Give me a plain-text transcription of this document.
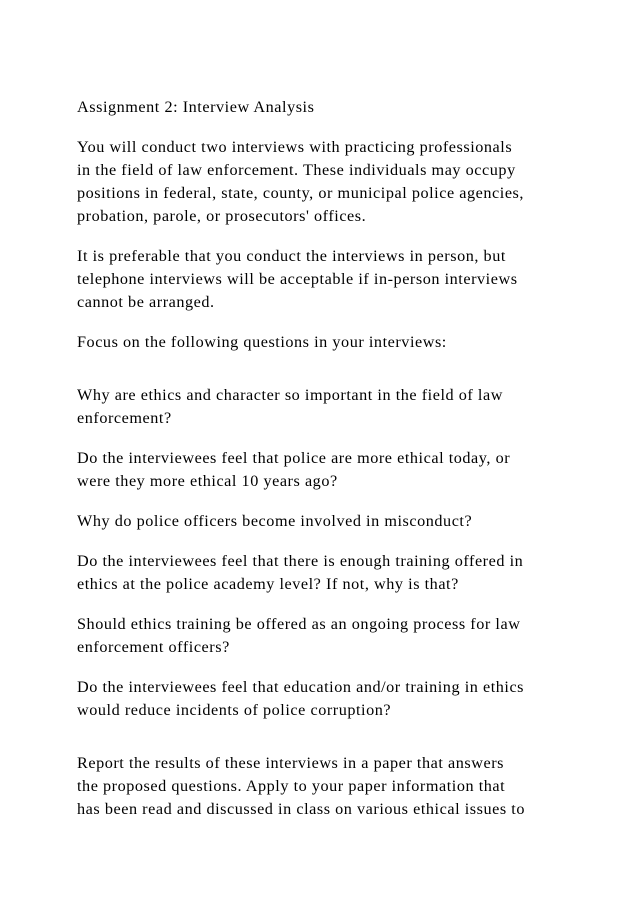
Assignment 2: Interview Analysis
You will conduct two interviews with practicing professionals
in the field of law enforcement. These individuals may occupy
positions in federal, state, county, or municipal police agencies,
probation, parole, or prosecutors' offices.
It is preferable that you conduct the interviews in person, but
telephone interviews will be acceptable if in-person interviews
cannot be arranged.
Focus on the following questions in your interviews:
Why are ethics and character so important in the field of law
enforcement?
Do the interviewees feel that police are more ethical today, or
were they more ethical 10 years ago?
Why do police officers become involved in misconduct?
Do the interviewees feel that there is enough training offered in
ethics at the police academy level? If not, why is that?
Should ethics training be offered as an ongoing process for law
enforcement officers?
Do the interviewees feel that education and/or training in ethics
would reduce incidents of police corruption?
Report the results of these interviews in a paper that answers
the proposed questions. Apply to your paper information that
has been read and discussed in class on various ethical issues to
